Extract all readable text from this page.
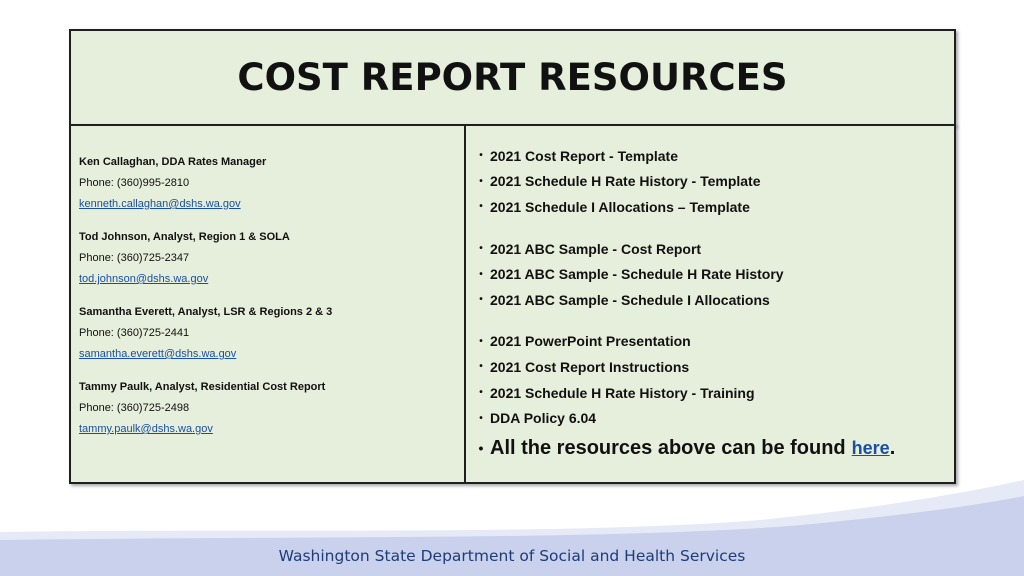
COST REPORT RESOURCES
Ken Callaghan, DDA Rates Manager
Phone: (360)995-2810
kenneth.callaghan@dshs.wa.gov
Tod Johnson, Analyst, Region 1 & SOLA
Phone: (360)725-2347
tod.johnson@dshs.wa.gov
Samantha Everett, Analyst, LSR & Regions 2 & 3
Phone: (360)725-2441
samantha.everett@dshs.wa.gov
Tammy Paulk, Analyst, Residential Cost Report
Phone: (360)725-2498
tammy.paulk@dshs.wa.gov
• 2021 Cost Report - Template
• 2021 Schedule H Rate History - Template
• 2021 Schedule I Allocations – Template
• 2021 ABC Sample - Cost Report
• 2021 ABC Sample - Schedule H Rate History
• 2021 ABC Sample - Schedule I Allocations
• 2021 PowerPoint Presentation
• 2021 Cost Report Instructions
• 2021 Schedule H Rate History - Training
• DDA Policy 6.04
• All the resources above can be found here .
Washington State Department of Social and Health Services
